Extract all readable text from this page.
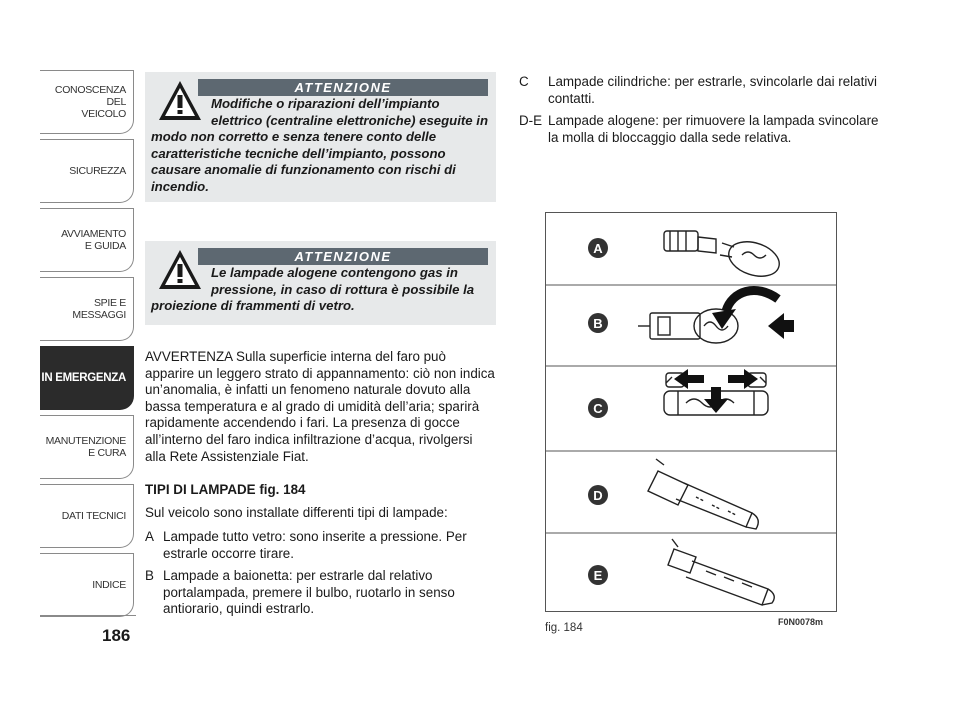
CONOSCENZA
DEL
VEICOLO
SICUREZZA
AVVIAMENTO
E GUIDA
SPIE E
MESSAGGI
IN EMERGENZA
MANUTENZIONE
E CURA
DATI TECNICI
INDICE
186
ATTENZIONE
Modifiche o riparazioni dell’impianto elettrico (centraline elettroniche) eseguite in modo non corretto e senza tenere conto delle caratteristiche tecniche dell’impianto, possono causare anomalie di funzionamento con rischi di incendio.
ATTENZIONE
Le lampade alogene contengono gas in pressione, in caso di rottura è possibile la proiezione di frammenti di vetro.
AVVERTENZA Sulla superficie interna del faro può apparire un leggero strato di appannamento: ciò non indica un’anomalia, è infatti un fenomeno naturale dovuto alla bassa temperatura e al grado di umidità dell’aria; sparirà rapidamente accendendo i fari. La presenza di gocce all’interno del faro indica infiltrazione d’acqua, rivolgersi alla Rete Assistenziale Fiat.
TIPI DI LAMPADE fig. 184
Sul veicolo sono installate differenti tipi di lampade:
A Lampade tutto vetro: sono inserite a pressione. Per estrarle occorre tirare.
B Lampade a baionetta: per estrarle dal relativo portalampada, premere il bulbo, ruotarlo in senso antiorario, quindi estrarlo.
C Lampade cilindriche: per estrarle, svincolarle dai relativi contatti.
D-E Lampade alogene: per rimuovere la lampada svincolare la molla di bloccaggio dalla sede relativa.
A
B
C
D
E
fig. 184	F0N0078m
